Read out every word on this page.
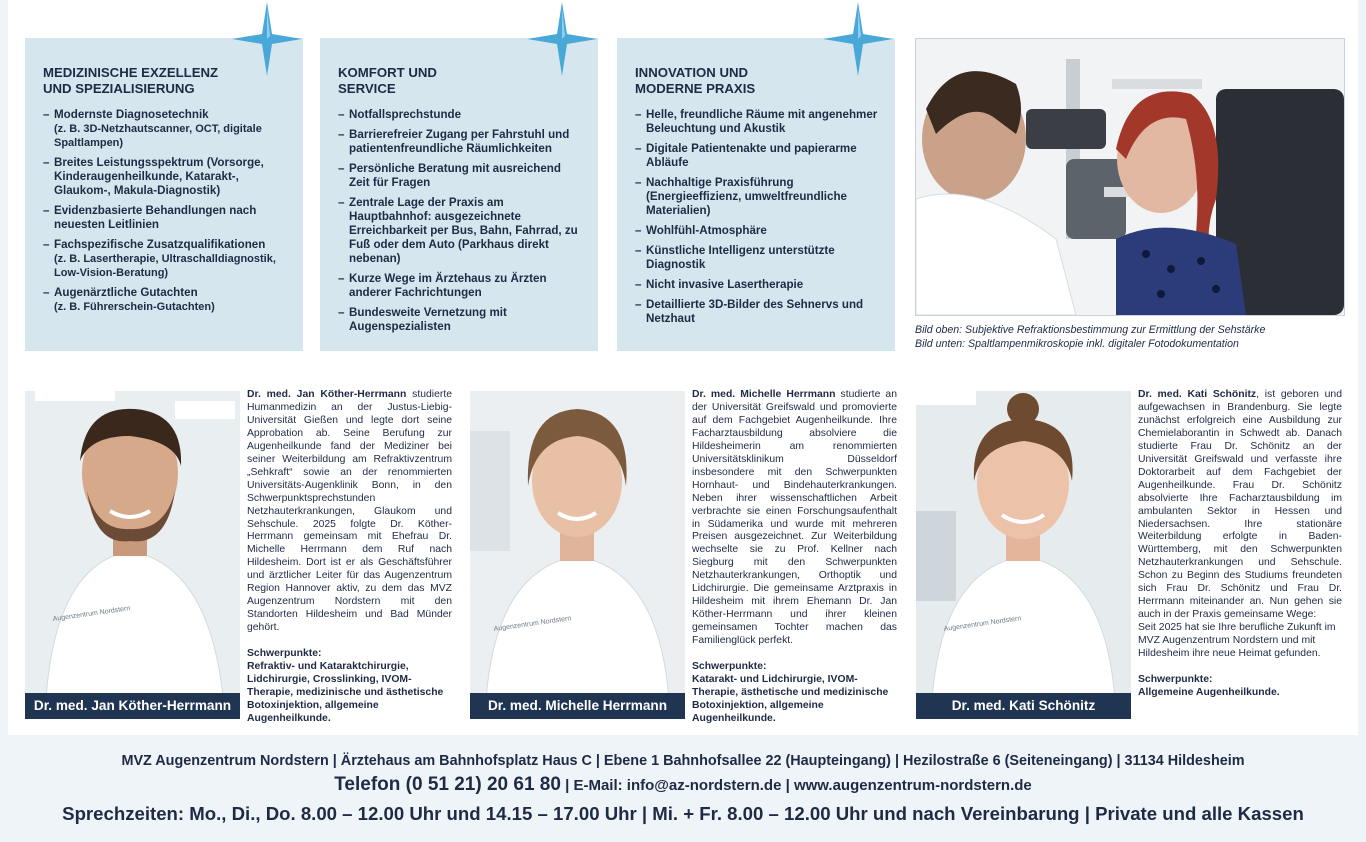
MEDIZINISCHE EXZELLENZ
UND SPEZIALISIERUNG
– Modernste Diagnosetechnik
(z. B. 3D-Netzhautscanner, OCT, digitale Spaltlampen)
– Breites Leistungsspektrum (Vorsorge, Kinderaugenheilkunde, Katarakt-, Glaukom-, Makula-Diagnostik)
– Evidenzbasierte Behandlungen nach neuesten Leitlinien
– Fachspezifische Zusatzqualifikationen
(z. B. Lasertherapie, Ultraschalldiagnostik, Low-Vision-Beratung)
– Augenärztliche Gutachten
(z. B. Führerschein-Gutachten)
KOMFORT UND
SERVICE
– Notfallsprechstunde
– Barrierefreier Zugang per Fahrstuhl und patientenfreundliche Räumlichkeiten
– Persönliche Beratung mit ausreichend Zeit für Fragen
– Zentrale Lage der Praxis am Hauptbahnhof: ausgezeichnete Erreichbarkeit per Bus, Bahn, Fahrrad, zu Fuß oder dem Auto (Parkhaus direkt nebenan)
– Kurze Wege im Ärztehaus zu Ärzten anderer Fachrichtungen
– Bundesweite Vernetzung mit Augenspezialisten
INNOVATION UND
MODERNE PRAXIS
– Helle, freundliche Räume mit angenehmer Beleuchtung und Akustik
– Digitale Patientenakte und papierarme Abläufe
– Nachhaltige Praxisführung (Energieeffizienz, umweltfreundliche Materialien)
– Wohlfühl-Atmosphäre
– Künstliche Intelligenz unterstützte Diagnostik
– Nicht invasive Lasertherapie
– Detaillierte 3D-Bilder des Sehnervs und Netzhaut
Bild oben: Subjektive Refraktionsbestimmung zur Ermittlung der Sehstärke
Bild unten: Spaltlampenmikroskopie inkl. digitaler Fotodokumentation
Augenzentrum Nordstern
Dr. med. Jan Köther-Herrmann
Dr. med. Jan Köther-Herrmann studierte Humanmedizin an der Justus-Liebig-Universität Gießen und legte dort seine Approbation ab. Seine Berufung zur Augenheilkunde fand der Mediziner bei seiner Weiterbildung am Refraktivzentrum „Sehkraft“ sowie an der renommierten Universitäts-Augenklinik Bonn, in den Schwerpunktsprechstunden Netzhauterkrankungen, Glaukom und Sehschule. 2025 folgte Dr. Köther-Herrmann gemeinsam mit Ehefrau Dr. Michelle Herrmann dem Ruf nach Hildesheim. Dort ist er als Geschäftsführer und ärztlicher Leiter für das Augenzentrum Region Hannover aktiv, zu dem das MVZ Augenzentrum Nordstern mit den Standorten Hildesheim und Bad Münder gehört.
Schwerpunkte:
Refraktiv- und Kataraktchirurgie, Lidchirurgie, Crosslinking, IVOM-Therapie, medizinische und ästhetische Botoxinjektion, allgemeine Augenheilkunde.
Augenzentrum Nordstern
Dr. med. Michelle Herrmann
Dr. med. Michelle Herrmann studierte an der Universität Greifswald und promovierte auf dem Fachgebiet Augenheilkunde. Ihre Facharztausbildung absolviere die Hildesheimerin am renommierten Universitätsklinikum Düsseldorf insbesondere mit den Schwerpunkten Hornhaut- und Bindehauterkrankungen. Neben ihrer wissenschaftlichen Arbeit verbrachte sie einen Forschungsaufenthalt in Südamerika und wurde mit mehreren Preisen ausgezeichnet. Zur Weiterbildung wechselte sie zu Prof. Kellner nach Siegburg mit den Schwerpunkten Netzhauterkrankungen, Orthoptik und Lidchirurgie. Die gemeinsame Arztpraxis in Hildesheim mit ihrem Ehemann Dr. Jan Köther-Herrmann und ihrer kleinen gemeinsamen Tochter machen das Familienglück perfekt.
Schwerpunkte:
Katarakt- und Lidchirurgie, IVOM-Therapie, ästhetische und medizinische Botoxinjektion, allgemeine Augenheilkunde.
Augenzentrum Nordstern
Dr. med. Kati Schönitz
Dr. med. Kati Schönitz, ist geboren und aufgewachsen in Brandenburg. Sie legte zunächst erfolgreich eine Ausbildung zur Chemielaborantin in Schwedt ab. Danach studierte Frau Dr. Schönitz an der Universität Greifswald und verfasste ihre Doktorarbeit auf dem Fachgebiet der Augenheilkunde. Frau Dr. Schönitz absolvierte Ihre Facharztausbildung im ambulanten Sektor in Hessen und Niedersachsen. Ihre stationäre Weiterbildung erfolgte in Baden-Württemberg, mit den Schwerpunkten Netzhauterkrankungen und Sehschule. Schon zu Beginn des Studiums freundeten sich Frau Dr. Schönitz und Frau Dr. Herrmann miteinander an. Nun gehen sie auch in der Praxis gemeinsame Wege:
Seit 2025 hat sie Ihre berufliche Zukunft im MVZ Augenzentrum Nordstern und mit Hildesheim ihre neue Heimat gefunden.
Schwerpunkte:
Allgemeine Augenheilkunde.
MVZ Augenzentrum Nordstern | Ärztehaus am Bahnhofsplatz Haus C | Ebene 1 Bahnhofsallee 22 (Haupteingang) | Hezilostraße 6 (Seiteneingang) | 31134 Hildesheim
Telefon (0 51 21) 20 61 80 | E-Mail: info@az-nordstern.de | www.augenzentrum-nordstern.de
Sprechzeiten: Mo., Di., Do. 8.00 – 12.00 Uhr und 14.15 – 17.00 Uhr | Mi. + Fr. 8.00 – 12.00 Uhr und nach Vereinbarung | Private und alle Kassen
